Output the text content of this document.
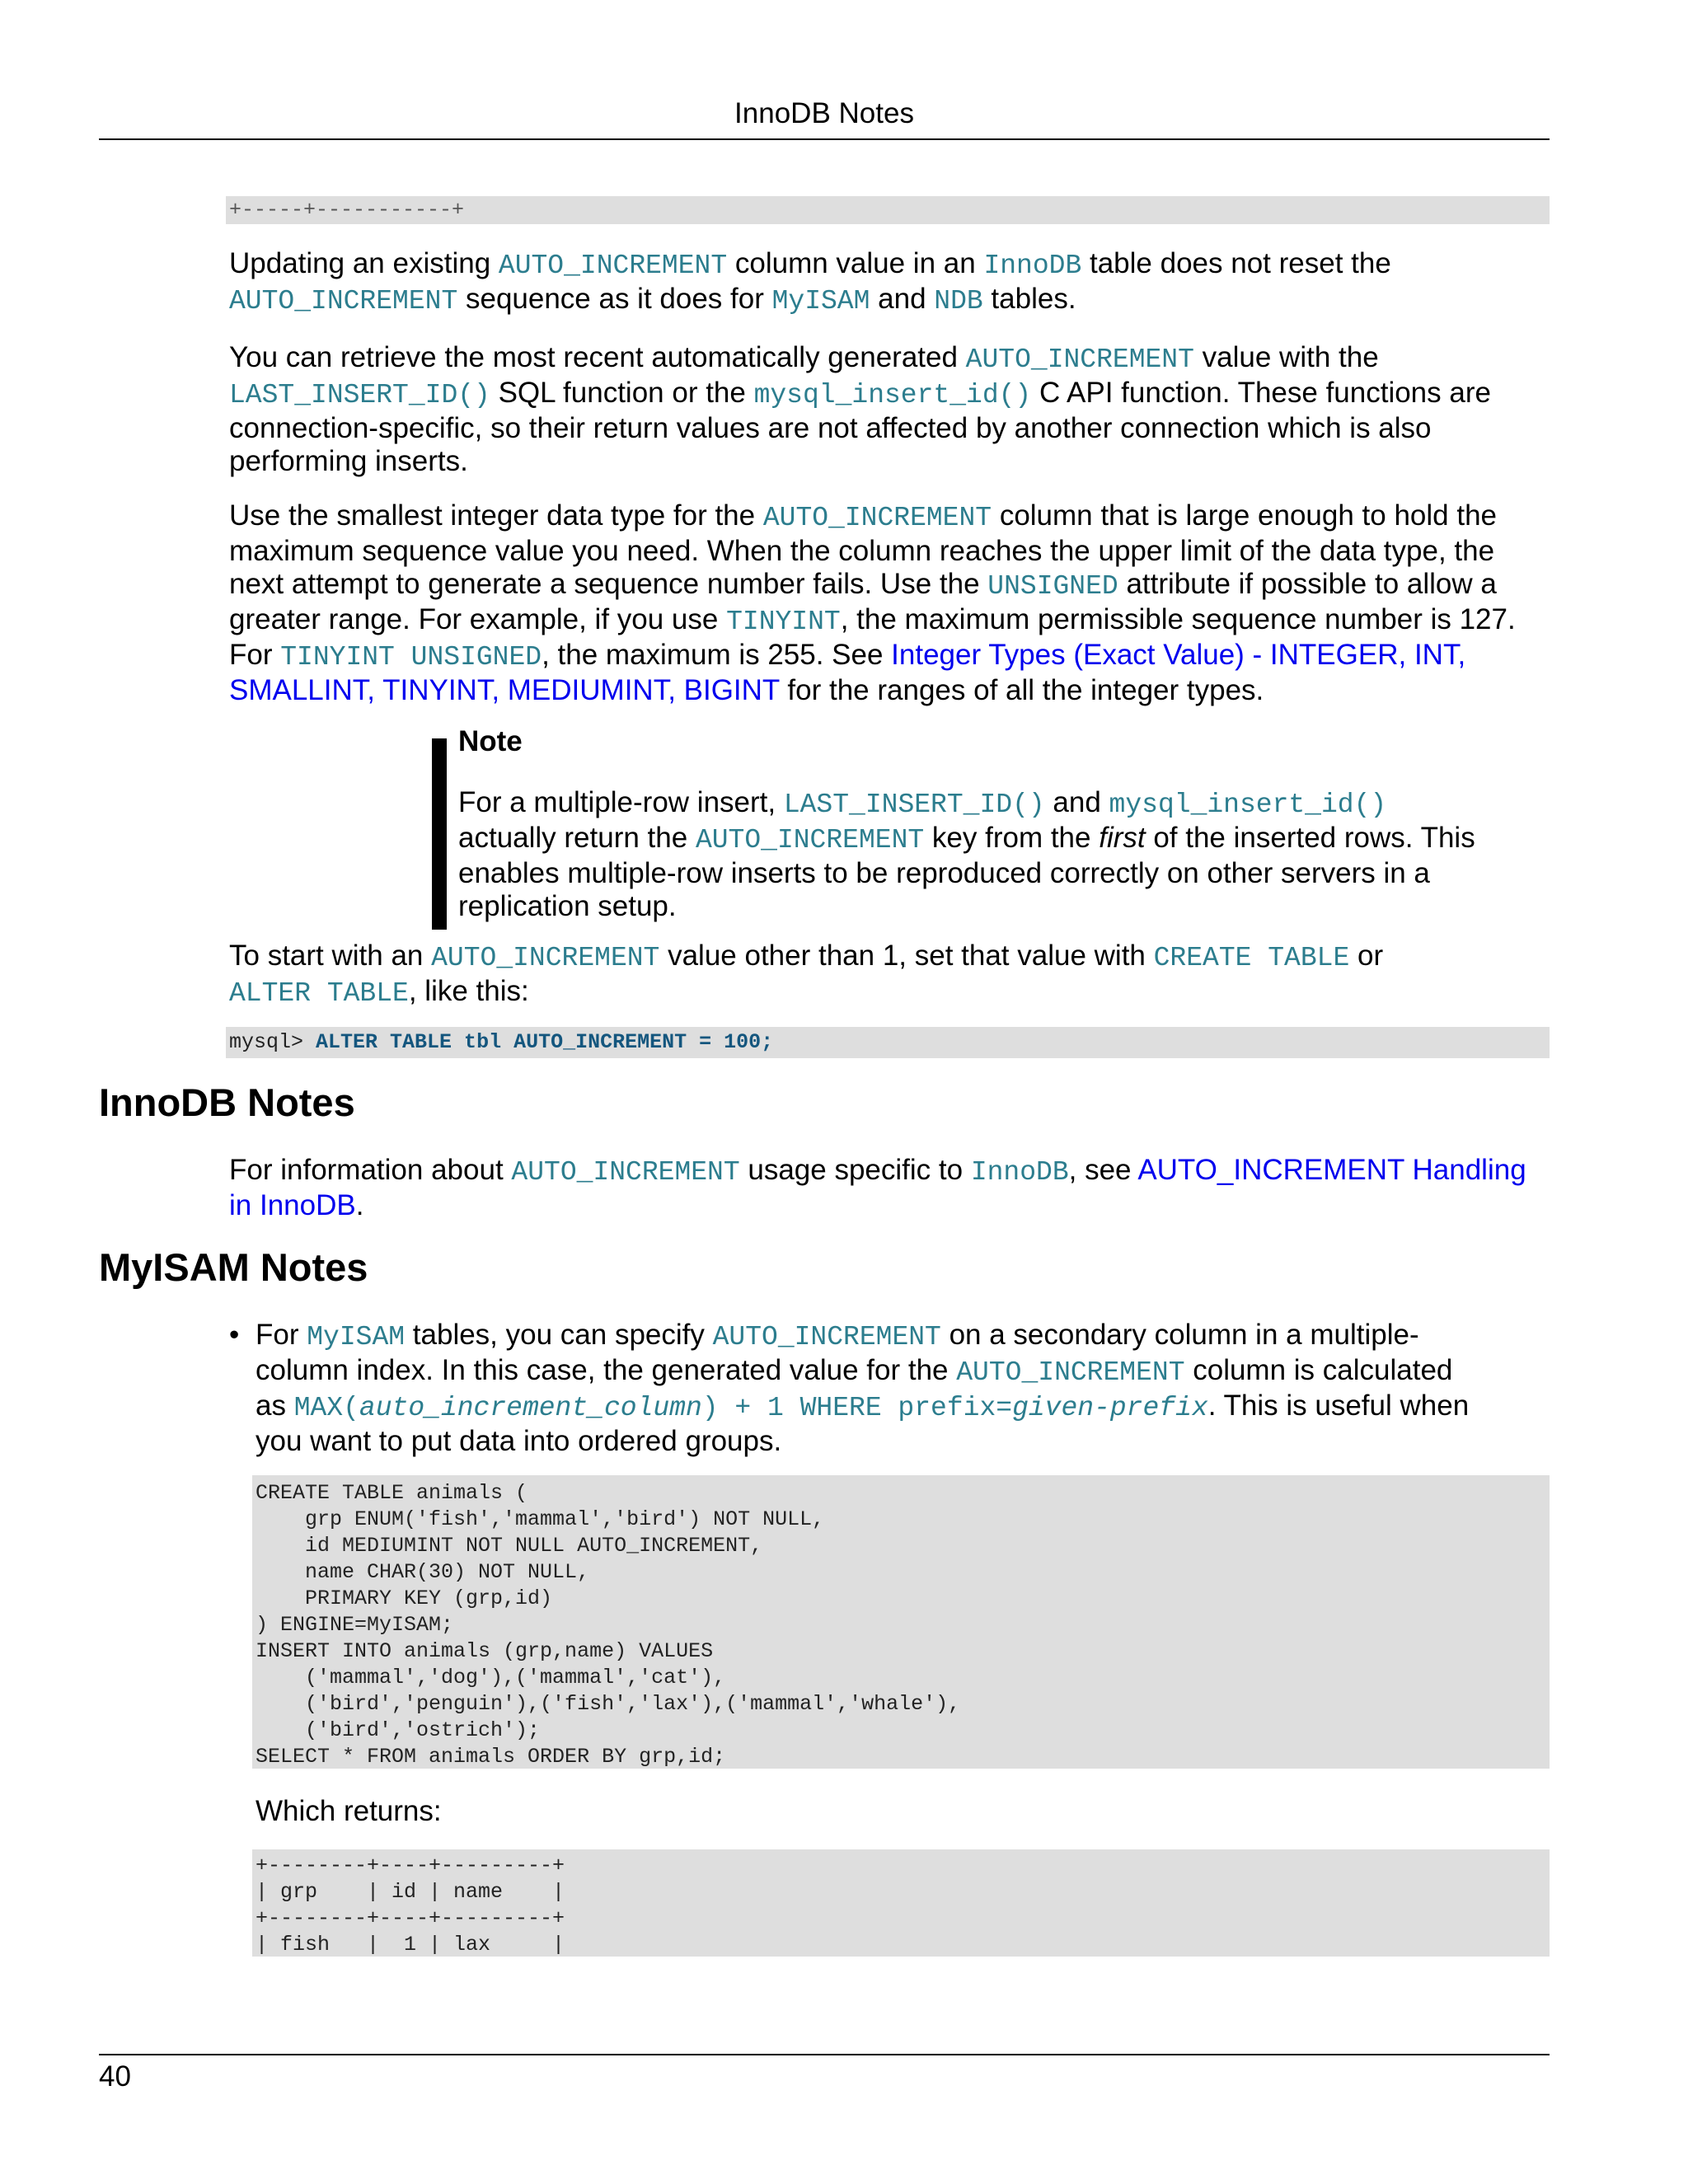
InnoDB Notes
+-----+-----------+

Updating an existing AUTO_INCREMENT column value in an InnoDB table does not reset the AUTO_INCREMENT sequence as it does for MyISAM and NDB tables.

You can retrieve the most recent automatically generated AUTO_INCREMENT value with the LAST_INSERT_ID() SQL function or the mysql_insert_id() C API function. These functions are connection-specific, so their return values are not affected by another connection which is also performing inserts.

Use the smallest integer data type for the AUTO_INCREMENT column that is large enough to hold the maximum sequence value you need. When the column reaches the upper limit of the data type, the next attempt to generate a sequence number fails. Use the UNSIGNED attribute if possible to allow a greater range. For example, if you use TINYINT, the maximum permissible sequence number is 127. For TINYINT UNSIGNED, the maximum is 255. See Integer Types (Exact Value) - INTEGER, INT, SMALLINT, TINYINT, MEDIUMINT, BIGINT for the ranges of all the integer types.

Note

For a multiple-row insert, LAST_INSERT_ID() and mysql_insert_id() actually return the AUTO_INCREMENT key from the first of the inserted rows. This enables multiple-row inserts to be reproduced correctly on other servers in a replication setup.

To start with an AUTO_INCREMENT value other than 1, set that value with CREATE TABLE or ALTER TABLE, like this:

mysql> ALTER TABLE tbl AUTO_INCREMENT = 100;
InnoDB Notes

For information about AUTO_INCREMENT usage specific to InnoDB, see AUTO_INCREMENT Handling in InnoDB.

MyISAM Notes
• For MyISAM tables, you can specify AUTO_INCREMENT on a secondary column in a multiple-column index. In this case, the generated value for the AUTO_INCREMENT column is calculated as MAX(auto_increment_column) + 1 WHERE prefix=given-prefix. This is useful when you want to put data into ordered groups.

CREATE TABLE animals (
grp ENUM('fish','mammal','bird') NOT NULL,
id MEDIUMINT NOT NULL AUTO_INCREMENT,
name CHAR(30) NOT NULL,
PRIMARY KEY (grp,id)
) ENGINE=MyISAM;
INSERT INTO animals (grp,name) VALUES
('mammal','dog'),('mammal','cat'),
('bird','penguin'),('fish','lax'),('mammal','whale'),
('bird','ostrich');
SELECT * FROM animals ORDER BY grp,id;

Which returns:

+--------+----+---------+
| grp    | id | name    |
+--------+----+---------+
| fish   |  1 | lax     |
40
